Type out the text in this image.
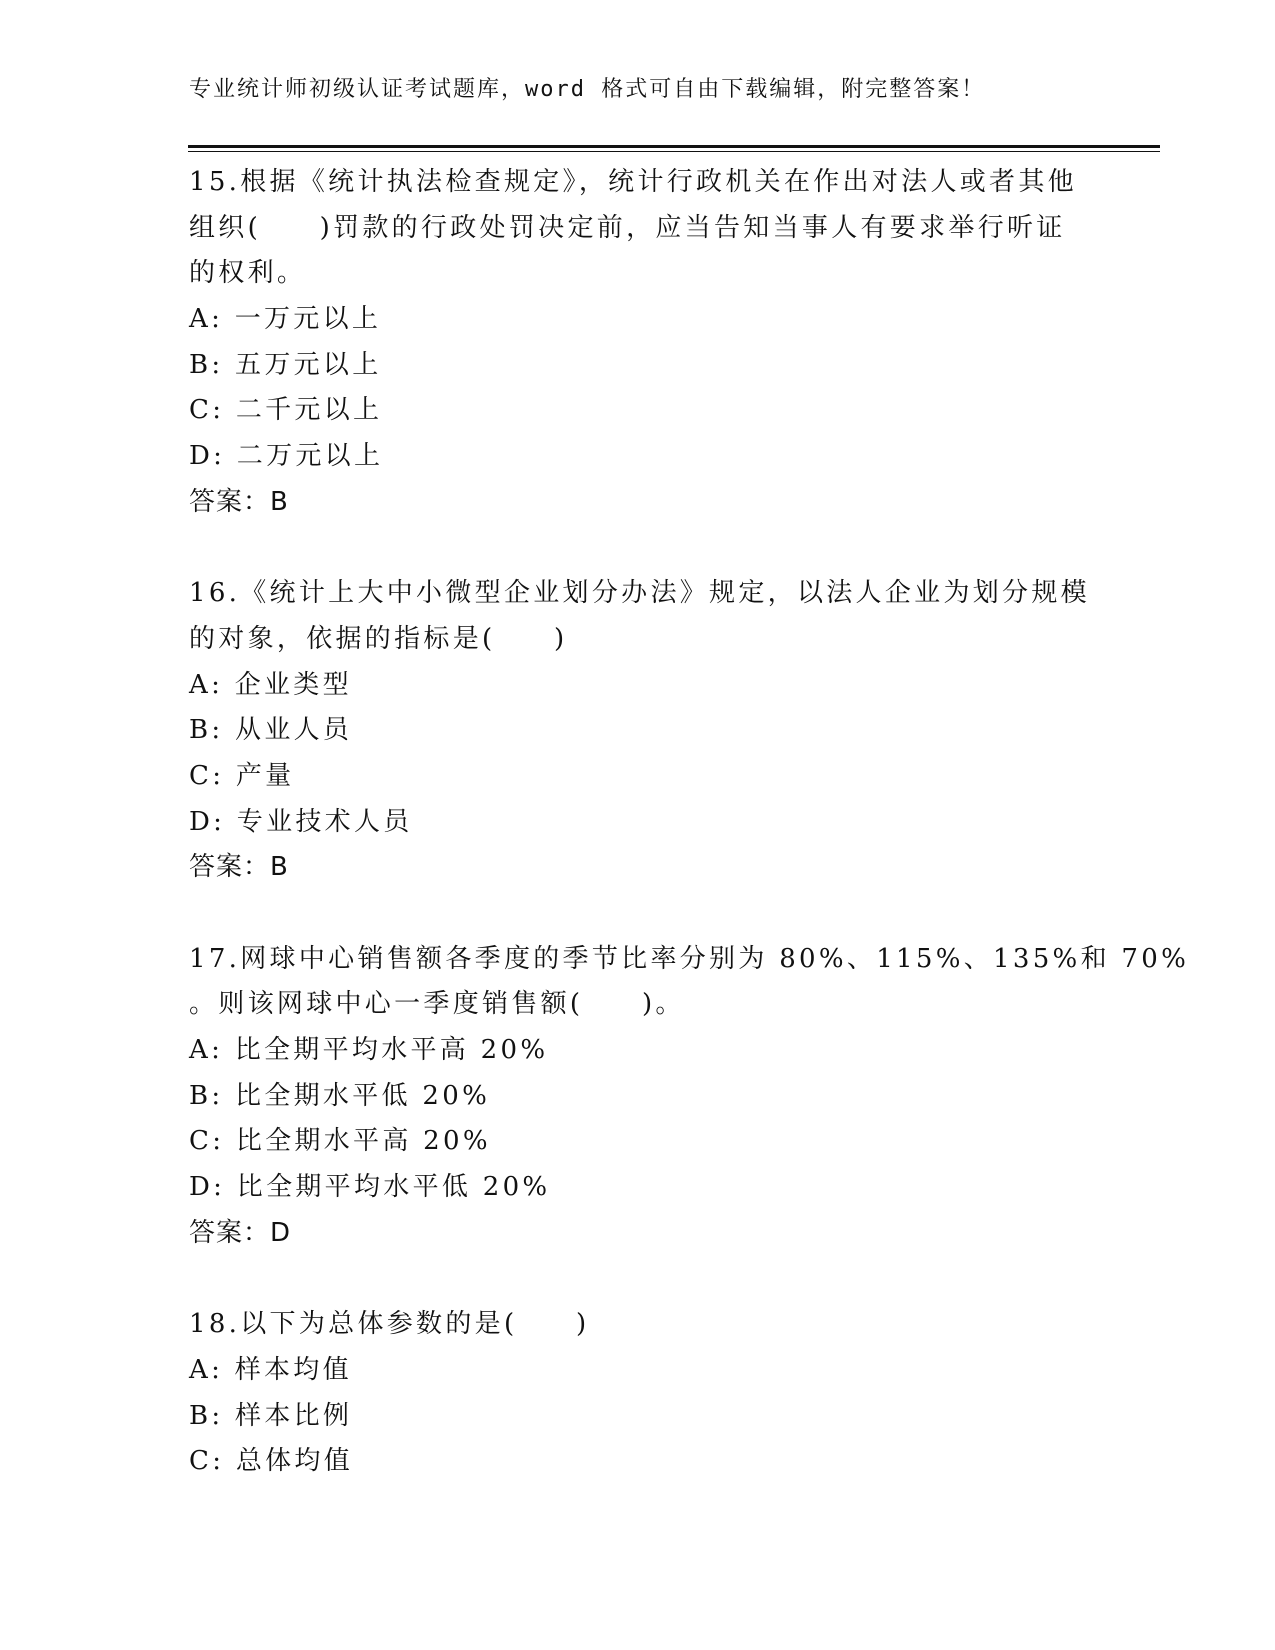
专业统计师初级认证考试题库，word 格式可自由下载编辑，附完整答案！
15.根据《统计执法检查规定》，统计行政机关在作出对法人或者其他
组织(　　)罚款的行政处罚决定前，应当告知当事人有要求举行听证
的权利。
A: 一万元以上
B: 五万元以上
C: 二千元以上
D: 二万元以上
答案：B
16.《统计上大中小微型企业划分办法》规定，以法人企业为划分规模
的对象，依据的指标是(　　)
A: 企业类型
B: 从业人员
C: 产量
D: 专业技术人员
答案：B
17.网球中心销售额各季度的季节比率分别为 80%、115%、135%和 70%
。则该网球中心一季度销售额(　　)。
A: 比全期平均水平高 20%
B: 比全期水平低 20%
C: 比全期水平高 20%
D: 比全期平均水平低 20%
答案：D
18.以下为总体参数的是(　　)
A: 样本均值
B: 样本比例
C: 总体均值
